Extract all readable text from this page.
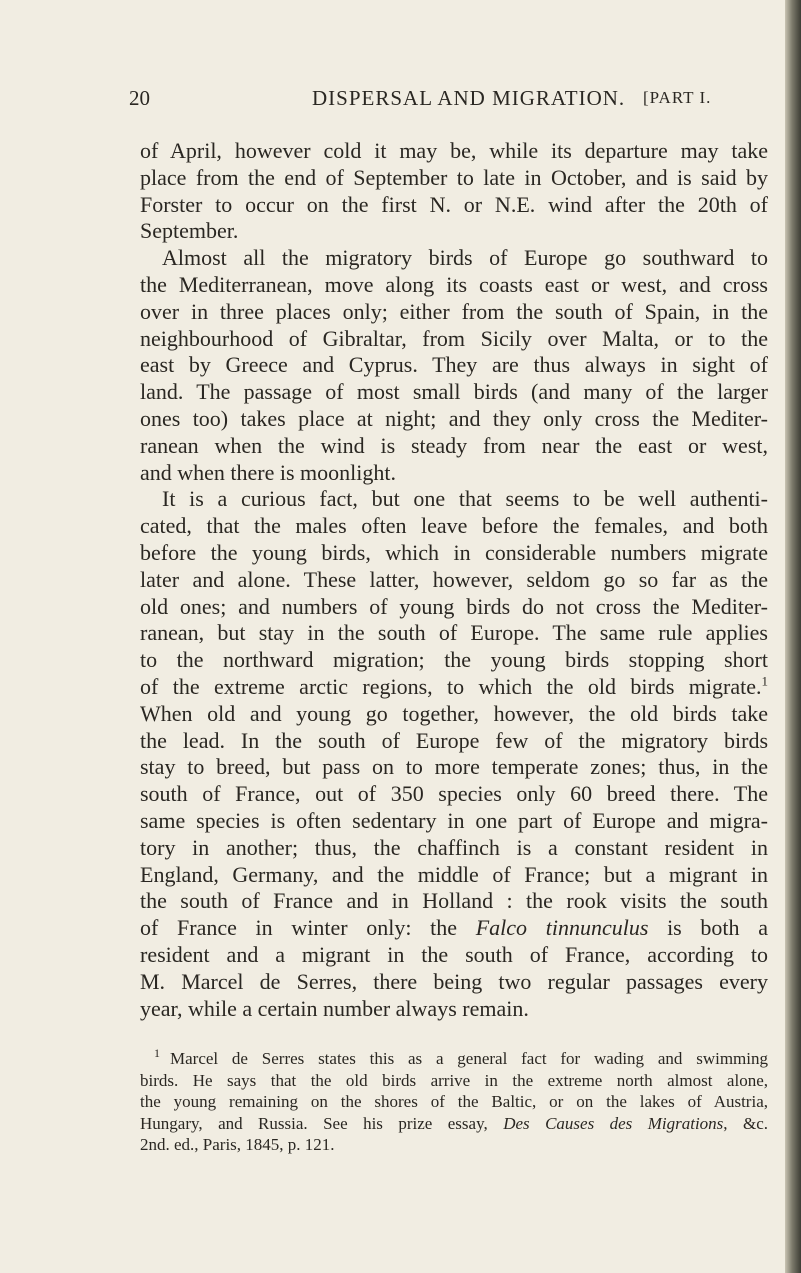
20	DISPERSAL AND MIGRATION. [PART I.
of April, however cold it may be, while its departure may take
place from the end of September to late in October, and is said by
Forster to occur on the first N. or N.E. wind after the 20th of
September.
Almost all the migratory birds of Europe go southward to
the Mediterranean, move along its coasts east or west, and cross
over in three places only; either from the south of Spain, in the
neighbourhood of Gibraltar, from Sicily over Malta, or to the
east by Greece and Cyprus. They are thus always in sight of
land. The passage of most small birds (and many of the larger
ones too) takes place at night; and they only cross the Mediter-
ranean when the wind is steady from near the east or west,
and when there is moonlight.
It is a curious fact, but one that seems to be well authenti-
cated, that the males often leave before the females, and both
before the young birds, which in considerable numbers migrate
later and alone. These latter, however, seldom go so far as the
old ones; and numbers of young birds do not cross the Mediter-
ranean, but stay in the south of Europe. The same rule applies
to the northward migration; the young birds stopping short
of the extreme arctic regions, to which the old birds migrate.$^1$
When old and young go together, however, the old birds take
the lead. In the south of Europe few of the migratory birds
stay to breed, but pass on to more temperate zones; thus, in the
south of France, out of 350 species only 60 breed there. The
same species is often sedentary in one part of Europe and migra-
tory in another; thus, the chaffinch is a constant resident in
England, Germany, and the middle of France; but a migrant in
the south of France and in Holland : the rook visits the south
of France in winter only: the Falco tinnunculus is both a
resident and a migrant in the south of France, according to
M. Marcel de Serres, there being two regular passages every
year, while a certain number always remain.
$^1$ Marcel de Serres states this as a general fact for wading and swimming
birds. He says that the old birds arrive in the extreme north almost alone,
the young remaining on the shores of the Baltic, or on the lakes of Austria,
Hungary, and Russia. See his prize essay, Des Causes des Migrations, &c.
2nd. ed., Paris, 1845, p. 121.
